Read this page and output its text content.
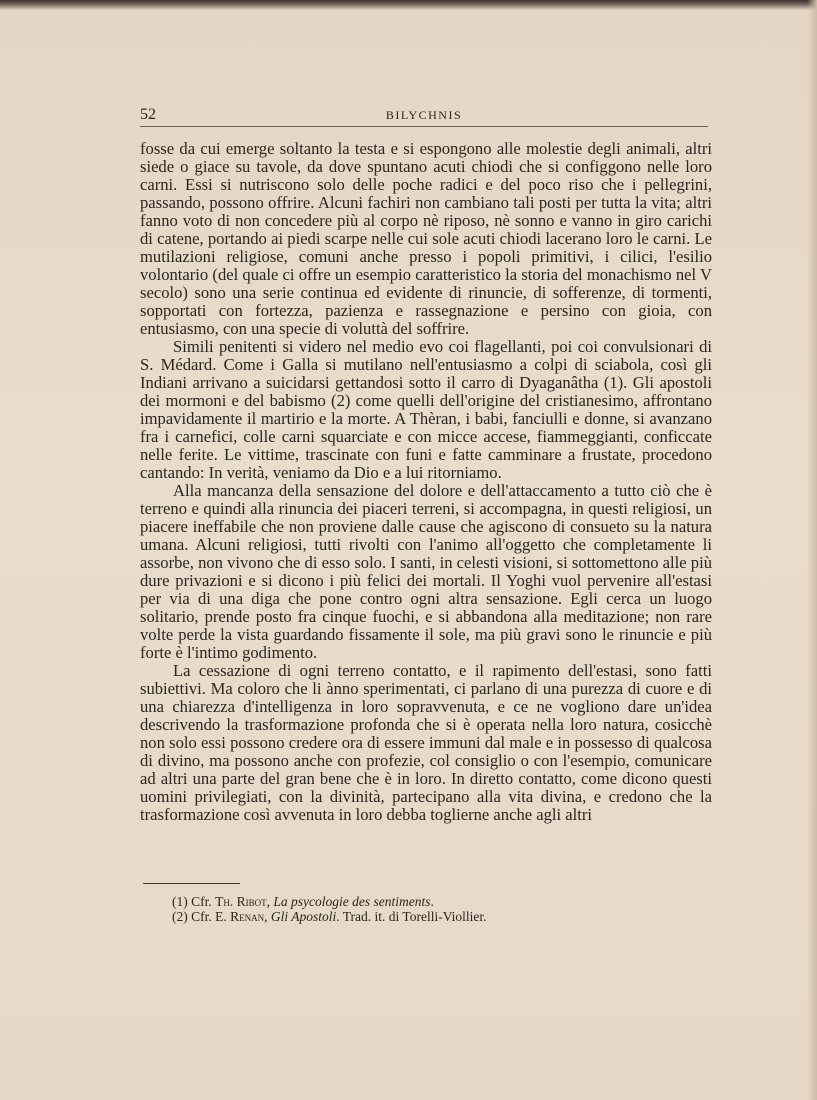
52	BILYCHNIS

fosse da cui emerge soltanto la testa e si espongono alle molestie degli animali, altri siede o giace su tavole, da dove spuntano acuti chiodi che si configgono nelle loro carni. Essi si nutriscono solo delle poche radici e del poco riso che i pellegrini, passando, possono offrire. Alcuni fachiri non cambiano tali posti per tutta la vita; altri fanno voto di non concedere più al corpo nè riposo, nè sonno e vanno in giro carichi di catene, portando ai piedi scarpe nelle cui sole acuti chiodi lacerano loro le carni. Le mutilazioni religiose, comuni anche presso i popoli primitivi, i cilici, l'esilio volontario (del quale ci offre un esempio caratteristico la storia del monachismo nel V secolo) sono una serie continua ed evidente di rinuncie, di sofferenze, di tormenti, sopportati con fortezza, pazienza e rassegnazione e persino con gioia, con entusiasmo, con una specie di voluttà del soffrire.

Simili penitenti si videro nel medio evo coi flagellanti, poi coi convulsionari di S. Médard. Come i Galla si mutilano nell'entusiasmo a colpi di sciabola, così gli Indiani arrivano a suicidarsi gettandosi sotto il carro di Dyaganâtha (1). Gli apostoli dei mormoni e del babismo (2) come quelli dell'origine del cristianesimo, affrontano impavidamente il martirio e la morte. A Thèran, i babi, fanciulli e donne, si avanzano fra i carnefici, colle carni squarciate e con micce accese, fiammeggianti, conficcate nelle ferite. Le vittime, trascinate con funi e fatte camminare a frustate, procedono cantando: In verità, veniamo da Dio e a lui ritorniamo.

Alla mancanza della sensazione del dolore e dell'attaccamento a tutto ciò che è terreno e quindi alla rinuncia dei piaceri terreni, si accompagna, in questi religiosi, un piacere ineffabile che non proviene dalle cause che agiscono di consueto su la natura umana. Alcuni religiosi, tutti rivolti con l'animo all'oggetto che completamente li assorbe, non vivono che di esso solo. I santi, in celesti visioni, si sottomettono alle più dure privazioni e si dicono i più felici dei mortali. Il Yoghi vuol pervenire all'estasi per via di una diga che pone contro ogni altra sensazione. Egli cerca un luogo solitario, prende posto fra cinque fuochi, e si abbandona alla meditazione; non rare volte perde la vista guardando fissamente il sole, ma più gravi sono le rinuncie e più forte è l'intimo godimento.

La cessazione di ogni terreno contatto, e il rapimento dell'estasi, sono fatti subiettivi. Ma coloro che li ànno sperimentati, ci parlano di una purezza di cuore e di una chiarezza d'intelligenza in loro sopravvenuta, e ce ne vogliono dare un'idea descrivendo la trasformazione profonda che si è operata nella loro natura, cosicchè non solo essi possono credere ora di essere immuni dal male e in possesso di qualcosa di divino, ma possono anche con profezie, col consiglio o con l'esempio, comunicare ad altri una parte del gran bene che è in loro. In diretto contatto, come dicono questi uomini privilegiati, con la divinità, partecipano alla vita divina, e credono che la trasformazione così avvenuta in loro debba toglierne anche agli altri

(1) Cfr. Th. Ribot, La psycologie des sentiments.
(2) Cfr. E. Renan, Gli Apostoli. Trad. it. di Torelli-Viollier.
